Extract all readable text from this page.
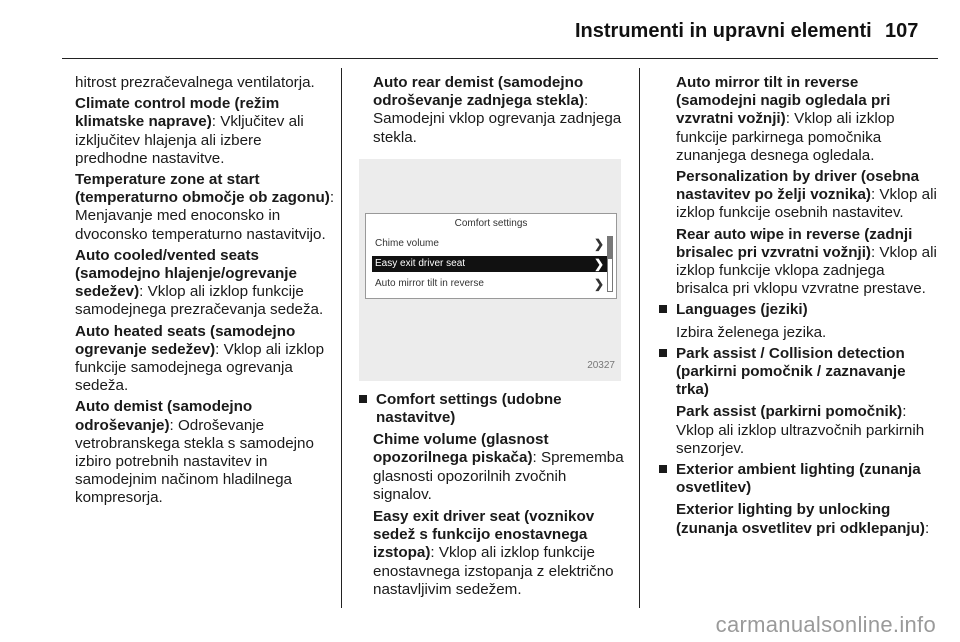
Instrumenti in upravni elementi 107

hitrost prezračevalnega ventilatorja.

Climate control mode (režim klimatske naprave): Vključitev ali izključitev hlajenja ali izbere predhodne nastavitve.

Temperature zone at start (temperaturno območje ob zagonu): Menjavanje med enoconsko in dvoconsko temperaturno nastavitvijo.

Auto cooled/vented seats (samodejno hlajenje/ogrevanje sedežev): Vklop ali izklop funkcije samodejnega prezračevanja sedeža.

Auto heated seats (samodejno ogrevanje sedežev): Vklop ali izklop funkcije samodejnega ogrevanja sedeža.

Auto demist (samodejno odroševanje): Odroševanje vetrobranskega stekla s samodejno izbiro potrebnih nastavitev in samodejnim načinom hladilnega kompresorja.

Auto rear demist (samodejno odroševanje zadnjega stekla): Samodejni vklop ogrevanja zadnjega stekla.

Comfort settings
Chime volume	❯
Easy exit driver seat	❯
Auto mirror tilt in reverse	❯
20327

Comfort settings (udobne nastavitve)

Chime volume (glasnost opozorilnega piskača): Sprememba glasnosti opozorilnih zvočnih signalov.

Easy exit driver seat (voznikov sedež s funkcijo enostavnega izstopa): Vklop ali izklop funkcije enostavnega izstopanja z električno nastavljivim sedežem.

Auto mirror tilt in reverse (samodejni nagib ogledala pri vzvratni vožnji): Vklop ali izklop funkcije parkirnega pomočnika zunanjega desnega ogledala.

Personalization by driver (osebna nastavitev po želji voznika): Vklop ali izklop funkcije osebnih nastavitev.

Rear auto wipe in reverse (zadnji brisalec pri vzvratni vožnji): Vklop ali izklop funkcije vklopa zadnjega brisalca pri vklopu vzvratne prestave.

Languages (jeziki)

Izbira želenega jezika.

Park assist / Collision detection (parkirni pomočnik / zaznavanje trka)

Park assist (parkirni pomočnik): Vklop ali izklop ultrazvočnih parkirnih senzorjev.

Exterior ambient lighting (zunanja osvetlitev)

Exterior lighting by unlocking (zunanja osvetlitev pri odklepanju):

carmanualsonline.info
